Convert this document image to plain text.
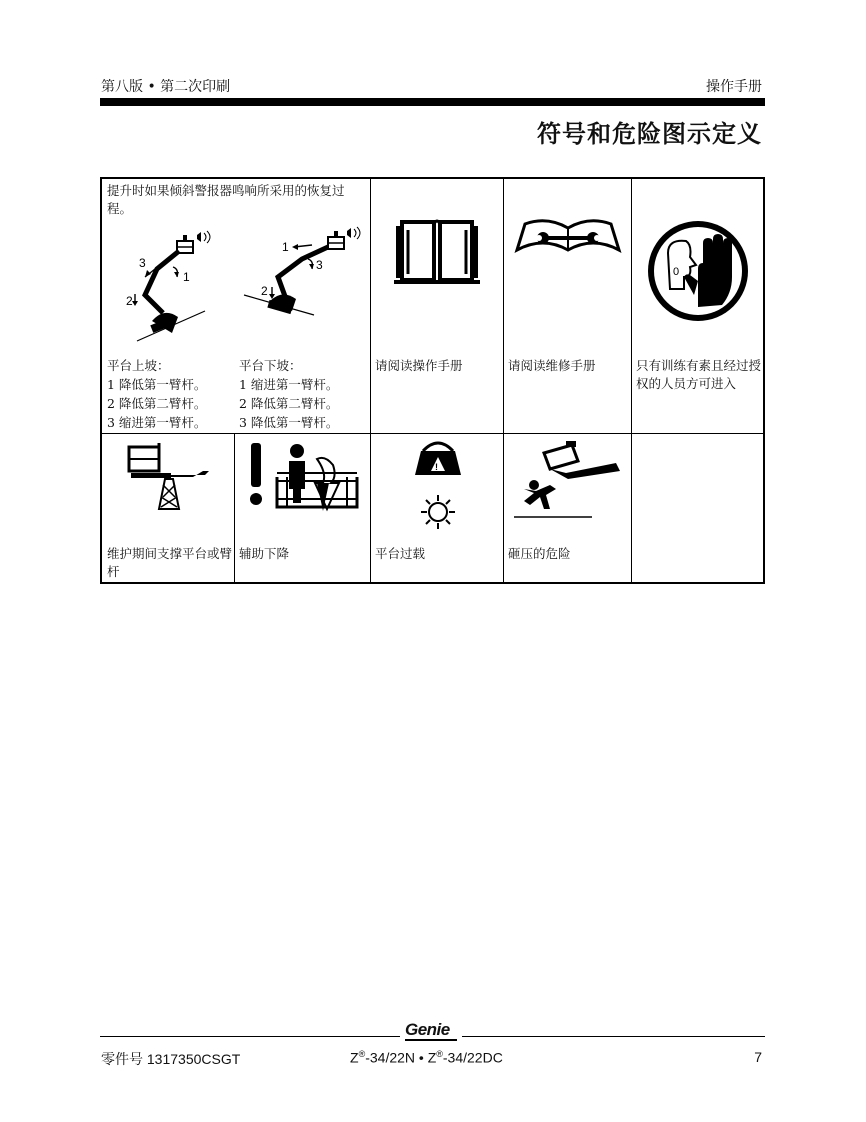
第八版 • 第二次印刷	操作手册
符号和危险图示定义
提升时如果倾斜警报器鸣响所采用的恢复过程。
3
1
2
1
2
3
平台上坡：
1 降低第一臂杆。
2 降低第二臂杆。
3 缩进第一臂杆。
平台下坡：
1 缩进第一臂杆。
2 降低第二臂杆。
3 降低第一臂杆。
请阅读操作手册	请阅读维修手册
0
只有训练有素且经过授权的人员方可进入
维护期间支撑平台或臂杆
辅助下降
!
平台过载	砸压的危险
Genie
零件号 1317350CSGT	Z®-34/22N • Z®-34/22DC	7
